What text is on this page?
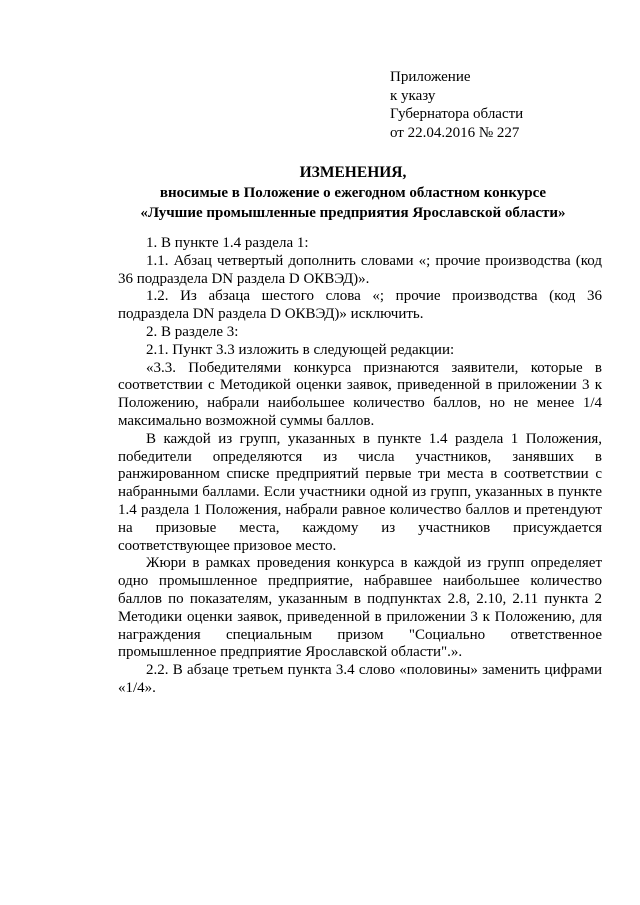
Приложение
к указу
Губернатора области
от 22.04.2016 № 227
ИЗМЕНЕНИЯ,
вносимые в Положение о ежегодном областном конкурсе
«Лучшие промышленные предприятия Ярославской области»

1. В пункте 1.4 раздела 1:

1.1. Абзац четвертый дополнить словами «; прочие производства (код 36 подраздела DN раздела D ОКВЭД)».

1.2. Из абзаца шестого слова «; прочие производства (код 36 подраздела DN раздела D ОКВЭД)» исключить.

2. В разделе 3:

2.1. Пункт 3.3 изложить в следующей редакции:

«3.3. Победителями конкурса признаются заявители, которые в соответствии с Методикой оценки заявок, приведенной в приложении 3 к Положению, набрали наибольшее количество баллов, но не менее 1/4 максимально возможной суммы баллов.

В каждой из групп, указанных в пункте 1.4 раздела 1 Положения, победители определяются из числа участников, занявших в ранжированном списке предприятий первые три места в соответствии с набранными баллами. Если участники одной из групп, указанных в пункте 1.4 раздела 1 Положения, набрали равное количество баллов и претендуют на призовые места, каждому из участников присуждается соответствующее призовое место.

Жюри в рамках проведения конкурса в каждой из групп определяет одно промышленное предприятие, набравшее наибольшее количество баллов по показателям, указанным в подпунктах 2.8, 2.10, 2.11 пункта 2 Методики оценки заявок, приведенной в приложении 3 к Положению, для награждения специальным призом "Социально ответственное промышленное предприятие Ярославской области".».

2.2. В абзаце третьем пункта 3.4 слово «половины» заменить цифрами «1/4».
